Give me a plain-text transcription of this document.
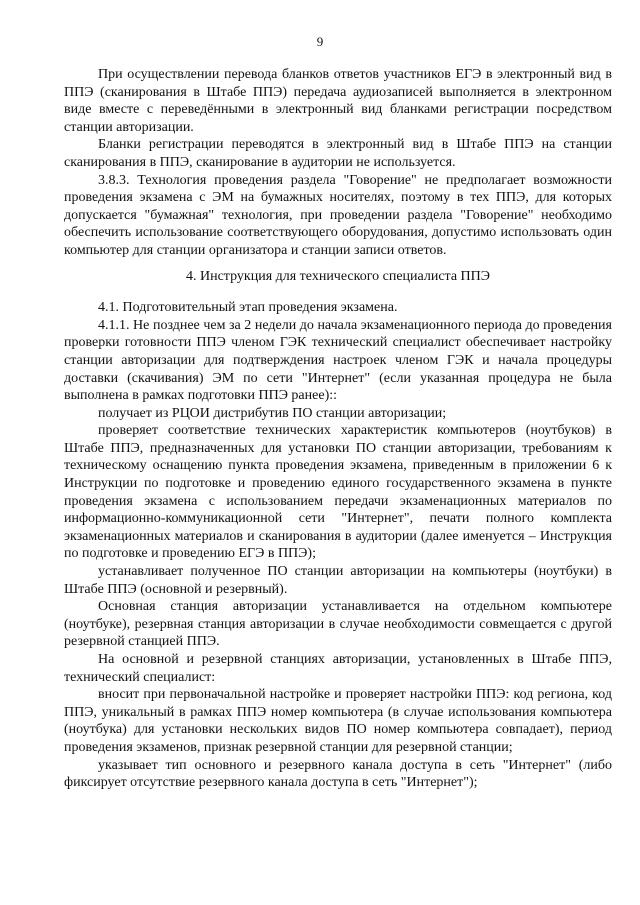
9

При осуществлении перевода бланков ответов участников ЕГЭ в электронный вид в ППЭ (сканирования в Штабе ППЭ) передача аудиозаписей выполняется в электронном виде вместе с переведёнными в электронный вид бланками регистрации посредством станции авторизации.

Бланки регистрации переводятся в электронный вид в Штабе ППЭ на станции сканирования в ППЭ, сканирование в аудитории не используется.

3.8.3. Технология проведения раздела "Говорение" не предполагает возможности проведения экзамена с ЭМ на бумажных носителях, поэтому в тех ППЭ, для которых допускается "бумажная" технология, при проведении раздела "Говорение" необходимо обеспечить использование соответствующего оборудования, допустимо использовать один компьютер для станции организатора и станции записи ответов.

4. Инструкция для технического специалиста ППЭ

4.1. Подготовительный этап проведения экзамена.

4.1.1. Не позднее чем за 2 недели до начала экзаменационного периода до проведения проверки готовности ППЭ членом ГЭК технический специалист обеспечивает настройку станции авторизации для подтверждения настроек членом ГЭК и начала процедуры доставки (скачивания) ЭМ по сети "Интернет" (если указанная процедура не была выполнена в рамках подготовки ППЭ ранее)::

получает из РЦОИ дистрибутив ПО станции авторизации;

проверяет соответствие технических характеристик компьютеров (ноутбуков) в Штабе ППЭ, предназначенных для установки ПО станции авторизации, требованиям к техническому оснащению пункта проведения экзамена, приведенным в приложении 6 к Инструкции по подготовке и проведению единого государственного экзамена в пункте проведения экзамена с использованием передачи экзаменационных материалов по информационно-коммуникационной сети "Интернет", печати полного комплекта экзаменационных материалов и сканирования в аудитории (далее именуется – Инструкция по подготовке и проведению ЕГЭ в ППЭ);

устанавливает полученное ПО станции авторизации на компьютеры (ноутбуки) в Штабе ППЭ (основной и резервный).

Основная станция авторизации устанавливается на отдельном компьютере (ноутбуке), резервная станция авторизации в случае необходимости совмещается с другой резервной станцией ППЭ.

На основной и резервной станциях авторизации, установленных в Штабе ППЭ, технический специалист:

вносит при первоначальной настройке и проверяет настройки ППЭ: код региона, код ППЭ, уникальный в рамках ППЭ номер компьютера (в случае использования компьютера (ноутбука) для установки нескольких видов ПО номер компьютера совпадает), период проведения экзаменов, признак резервной станции для резервной станции;

указывает тип основного и резервного канала доступа в сеть "Интернет" (либо фиксирует отсутствие резервного канала доступа в сеть "Интернет");
